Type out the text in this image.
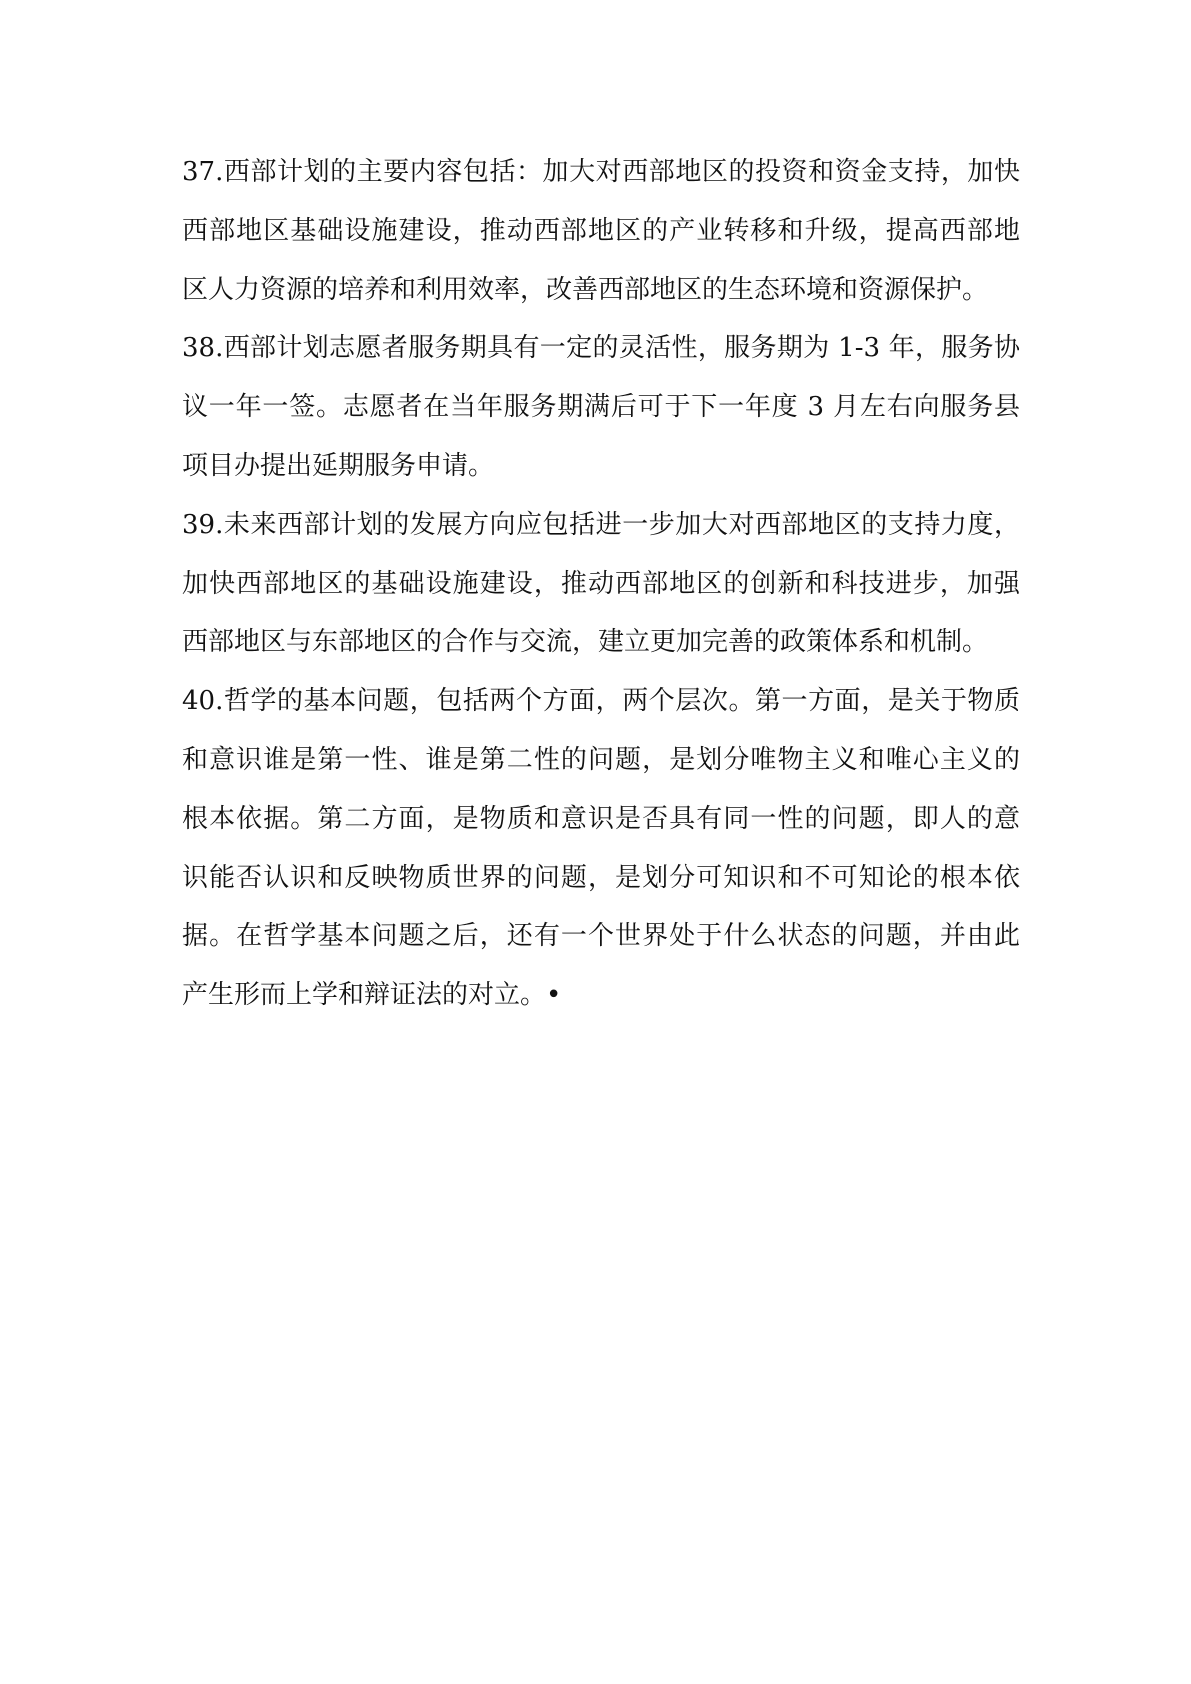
37.西部计划的主要内容包括：加大对西部地区的投资和资金支持，加快
西部地区基础设施建设，推动西部地区的产业转移和升级，提高西部地
区人力资源的培养和利用效率，改善西部地区的生态环境和资源保护。
38.西部计划志愿者服务期具有一定的灵活性，服务期为 1-3 年，服务协
议一年一签。志愿者在当年服务期满后可于下一年度 3 月左右向服务县
项目办提出延期服务申请。
39.未来西部计划的发展方向应包括进一步加大对西部地区的支持力度，
加快西部地区的基础设施建设，推动西部地区的创新和科技进步，加强
西部地区与东部地区的合作与交流，建立更加完善的政策体系和机制。
40.哲学的基本问题，包括两个方面，两个层次。第一方面，是关于物质
和意识谁是第一性、谁是第二性的问题，是划分唯物主义和唯心主义的
根本依据。第二方面，是物质和意识是否具有同一性的问题，即人的意
识能否认识和反映物质世界的问题，是划分可知识和不可知论的根本依
据。在哲学基本问题之后，还有一个世界处于什么状态的问题，并由此
产生形而上学和辩证法的对立。•
